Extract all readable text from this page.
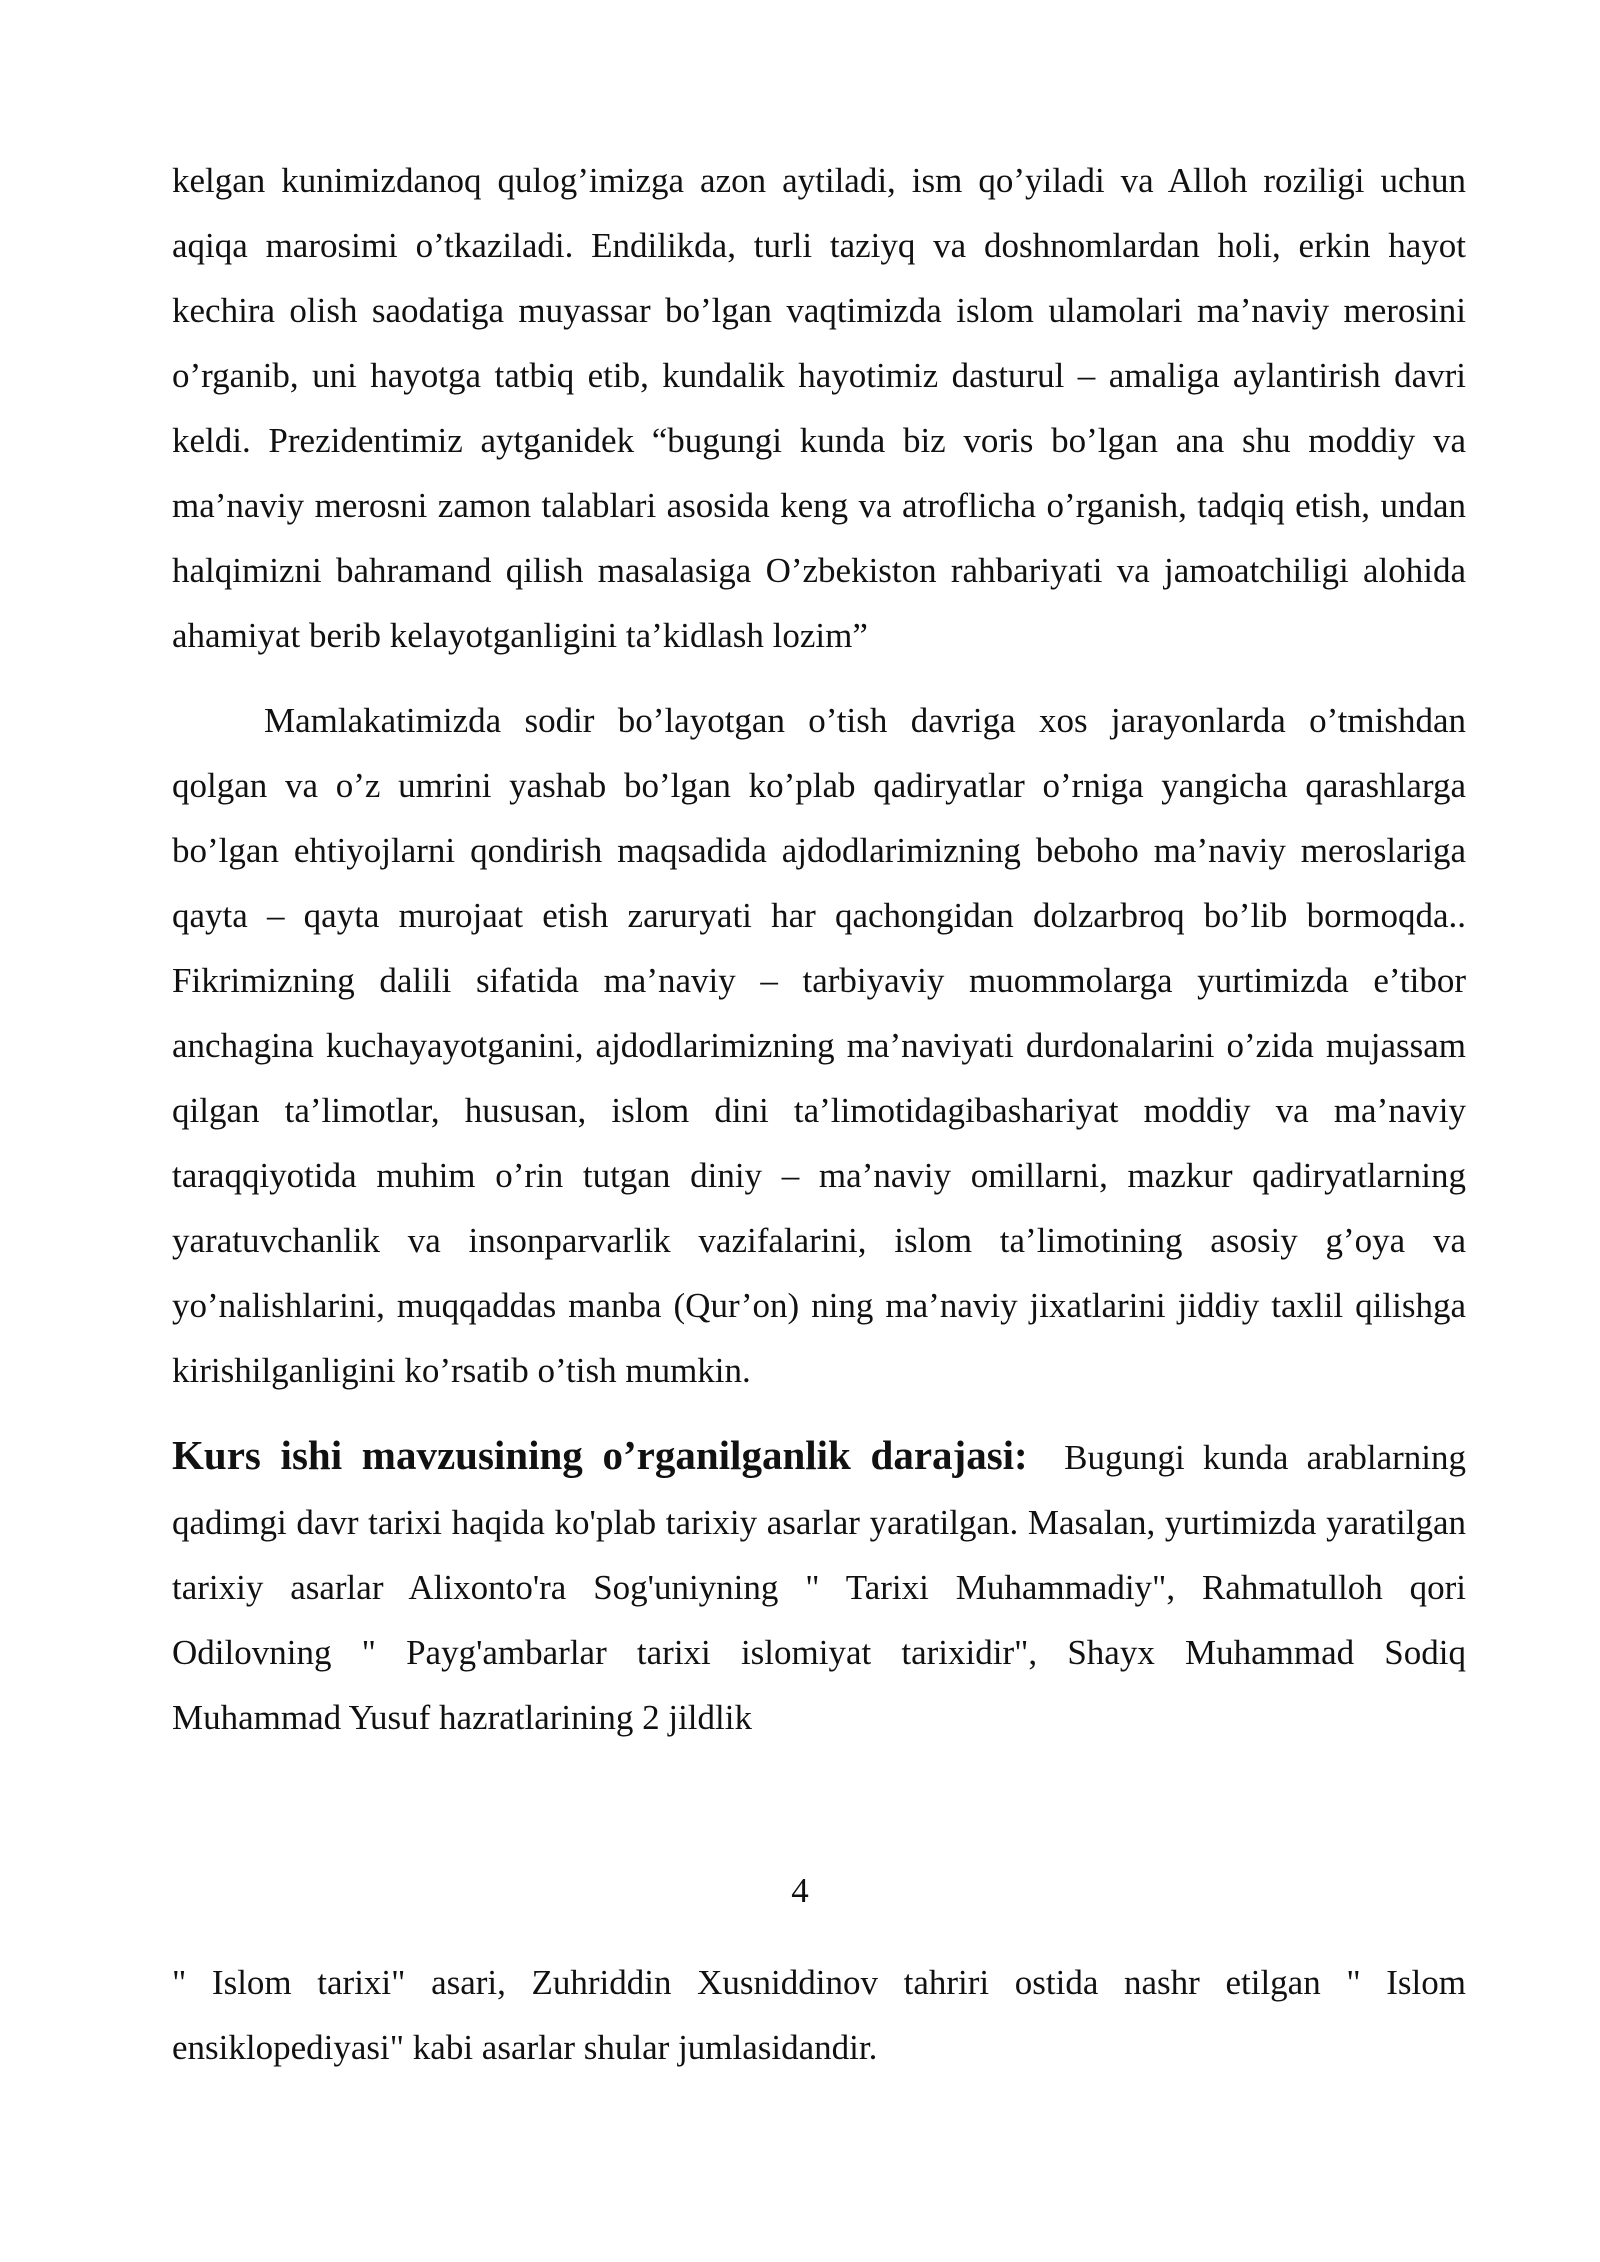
kelgan kunimizdanoq qulog’imizga azon aytiladi, ism qo’yiladi va Alloh roziligi uchun aqiqa marosimi o’tkaziladi. Endilikda, turli taziyq va doshnomlardan holi, erkin hayot kechira olish saodatiga muyassar bo’lgan vaqtimizda islom ulamolari ma’naviy merosini o’rganib, uni hayotga tatbiq etib, kundalik hayotimiz dasturul – amaliga aylantirish davri keldi. Prezidentimiz aytganidek “bugungi kunda biz voris bo’lgan ana shu moddiy va ma’naviy merosni zamon talablari asosida keng va atroflicha o’rganish, tadqiq etish, undan halqimizni bahramand qilish masalasiga O’zbekiston rahbariyati va jamoatchiligi alohida ahamiyat berib kelayotganligini ta’kidlash lozim”

Mamlakatimizda sodir bo’layotgan o’tish davriga xos jarayonlarda o’tmishdan qolgan va o’z umrini yashab bo’lgan ko’plab qadiryatlar o’rniga yangicha qarashlarga bo’lgan ehtiyojlarni qondirish maqsadida ajdodlarimizning beboho ma’naviy meroslariga qayta – qayta murojaat etish zaruryati har qachongidan dolzarbroq bo’lib bormoqda.. Fikrimizning dalili sifatida ma’naviy – tarbiyaviy muommolarga yurtimizda e’tibor anchagina kuchayayotganini, ajdodlarimizning ma’naviyati durdonalarini o’zida mujassam qilgan ta’limotlar, hususan, islom dini ta’limotidagibashariyat moddiy va ma’naviy taraqqiyotida muhim o’rin tutgan diniy – ma’naviy omillarni, mazkur qadiryatlarning yaratuvchanlik va insonparvarlik vazifalarini, islom ta’limotining asosiy g’oya va yo’nalishlarini, muqqaddas manba (Qur’on) ning ma’naviy jixatlarini jiddiy taxlil qilishga kirishilganligini ko’rsatib o’tish mumkin.

Kurs ishi mavzusining o’rganilganlik darajasi: Bugungi kunda arablarning qadimgi davr tarixi haqida ko'plab tarixiy asarlar yaratilgan. Masalan, yurtimizda yaratilgan tarixiy asarlar Alixonto'ra Sog'uniyning " Tarixi Muhammadiy", Rahmatulloh qori Odilovning " Payg'ambarlar tarixi islomiyat tarixidir", Shayx Muhammad Sodiq Muhammad Yusuf hazratlarining 2 jildlik

4

" Islom tarixi" asari, Zuhriddin Xusniddinov tahriri ostida nashr etilgan " Islom ensiklopediyasi" kabi asarlar shular jumlasidandir.
